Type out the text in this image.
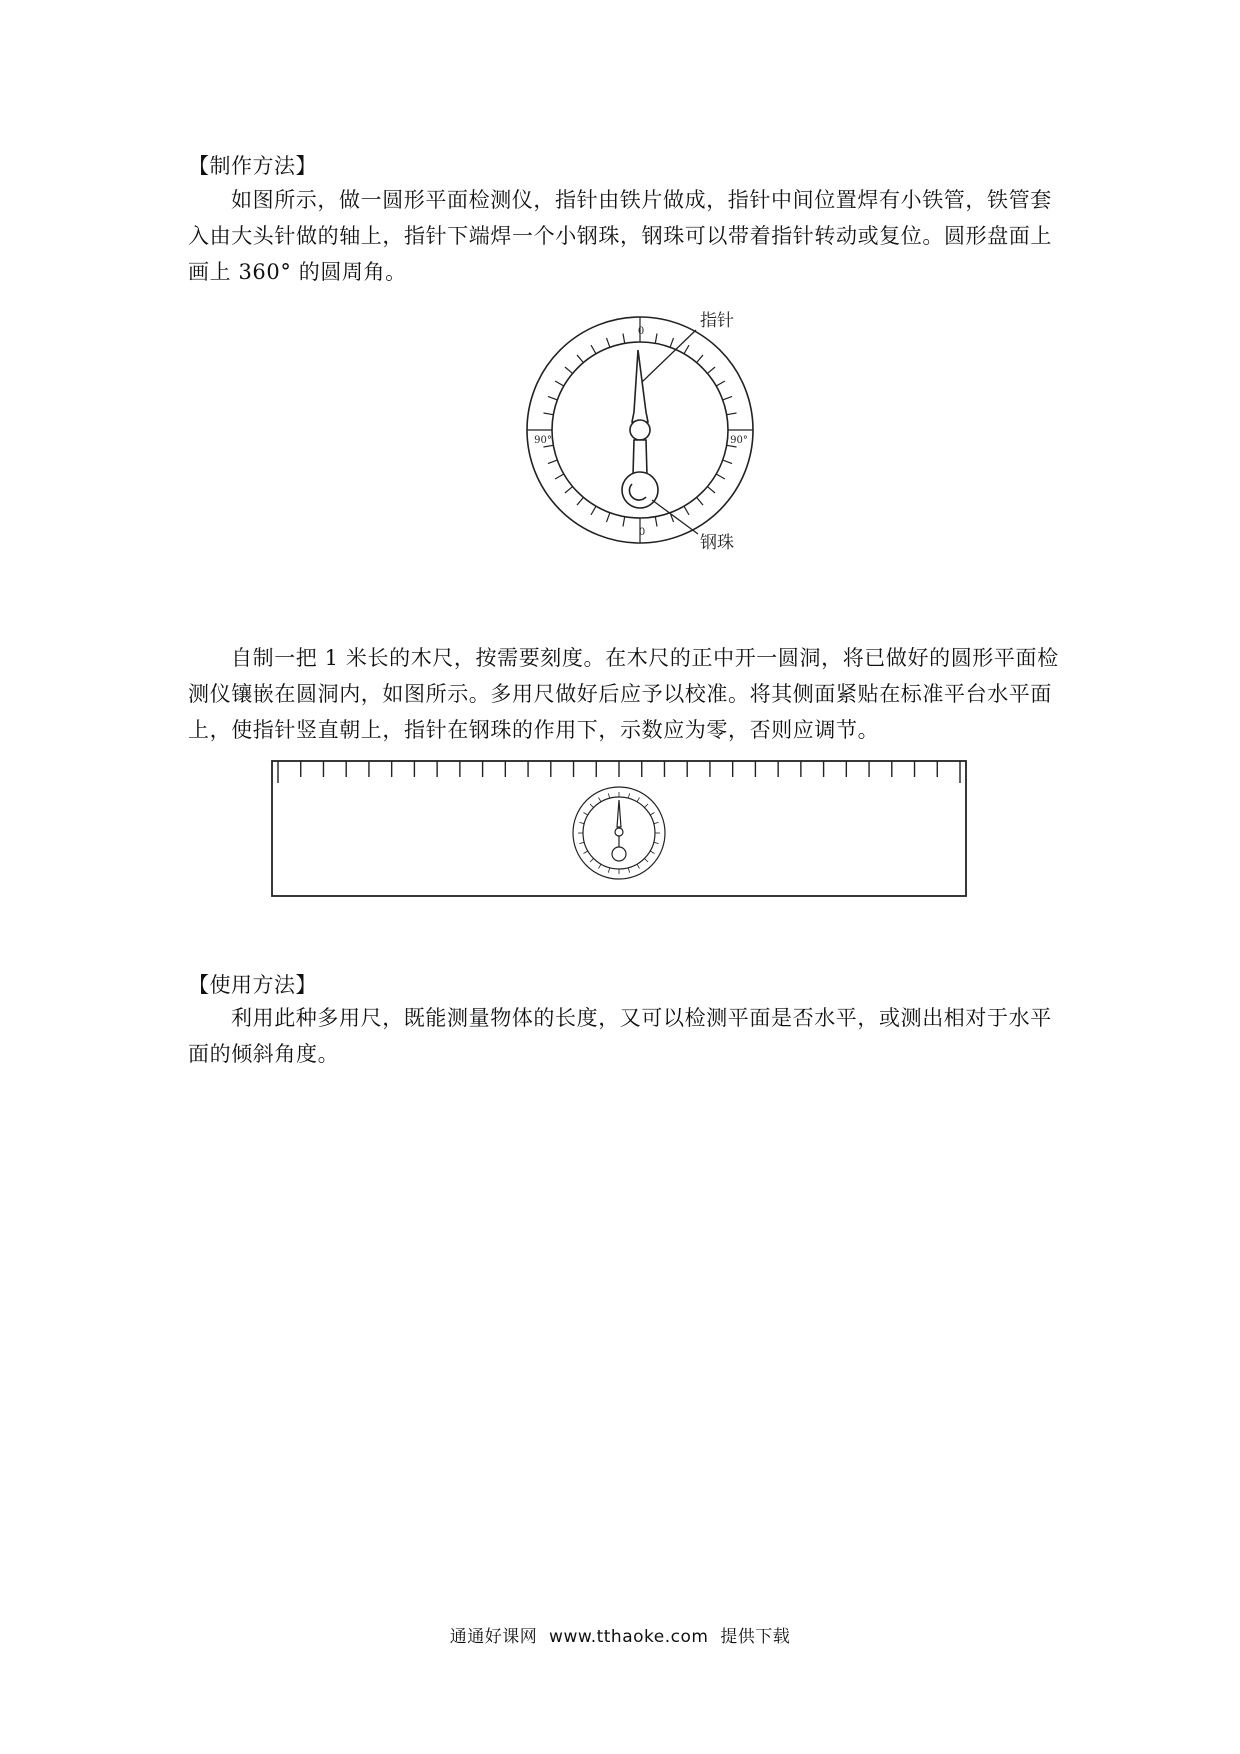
【制作方法】
如图所示，做一圆形平面检测仪，指针由铁片做成，指针中间位置焊有小铁管，铁管套
入由大头针做的轴上，指针下端焊一个小钢珠，钢珠可以带着指针转动或复位。圆形盘面上
画上 360° 的圆周角。
指针
钢珠
0
0
90°	90°
自制一把 1 米长的木尺，按需要刻度。在木尺的正中开一圆洞，将已做好的圆形平面检
测仪镶嵌在圆洞内，如图所示。多用尺做好后应予以校准。将其侧面紧贴在标准平台水平面
上，使指针竖直朝上，指针在钢珠的作用下，示数应为零，否则应调节。
【使用方法】
利用此种多用尺，既能测量物体的长度，又可以检测平面是否水平，或测出相对于水平
面的倾斜角度。
通通好课网  www.tthaoke.com  提供下载
